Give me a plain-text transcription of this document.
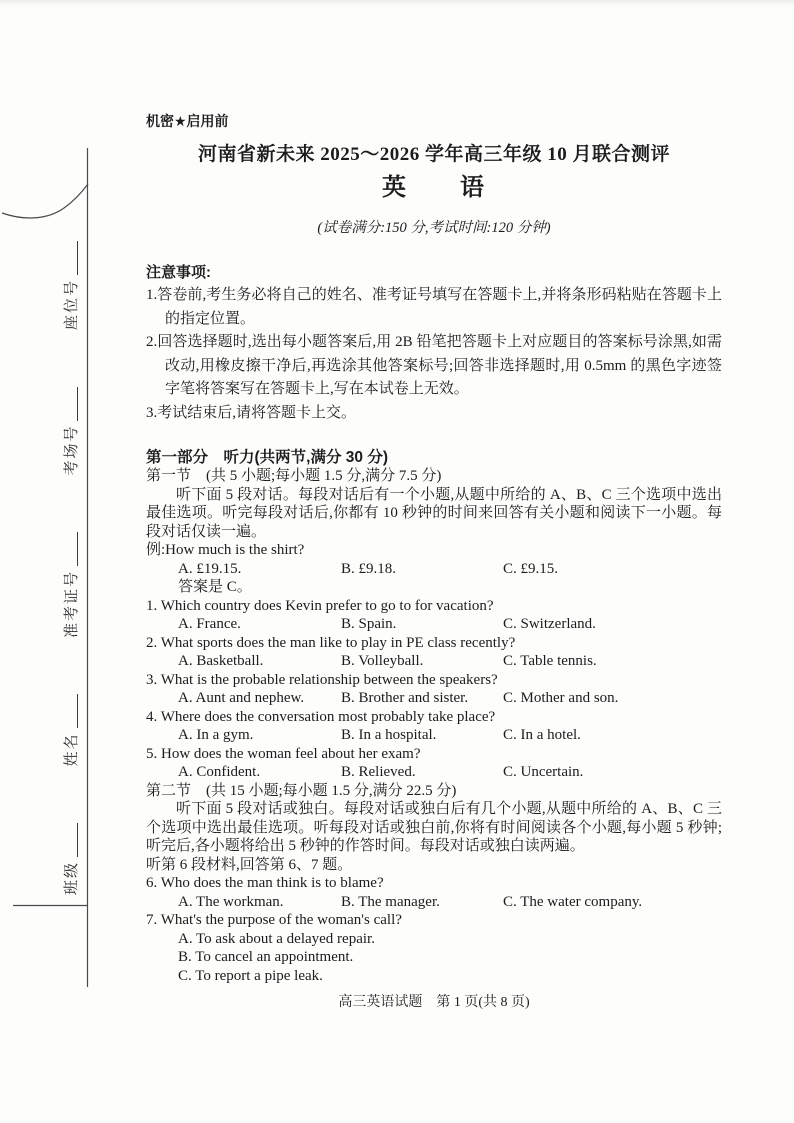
班级
姓名
准考证号
考场号
座位号
机密★启用前
河南省新未来 2025～2026 学年高三年级 10 月联合测评
英　　语
(试卷满分:150 分,考试时间:120 分钟)
注意事项:
1.答卷前,考生务必将自己的姓名、准考证号填写在答题卡上,并将条形码粘贴在答题卡上的指定位置。
2.回答选择题时,选出每小题答案后,用 2B 铅笔把答题卡上对应题目的答案标号涂黑,如需改动,用橡皮擦干净后,再选涂其他答案标号;回答非选择题时,用 0.5mm 的黑色字迹签字笔将答案写在答题卡上,写在本试卷上无效。
3.考试结束后,请将答题卡上交。
第一部分　听力(共两节,满分 30 分)
第一节　(共 5 小题;每小题 1.5 分,满分 7.5 分)
听下面 5 段对话。每段对话后有一个小题,从题中所给的 A、B、C 三个选项中选出最佳选项。听完每段对话后,你都有 10 秒钟的时间来回答有关小题和阅读下一小题。每段对话仅读一遍。
例:How much is the shirt?
A. £19.15.	B. £9.18.	C. £9.15.
答案是 C。
1. Which country does Kevin prefer to go to for vacation?
A. France.	B. Spain.	C. Switzerland.
2. What sports does the man like to play in PE class recently?
A. Basketball.	B. Volleyball.	C. Table tennis.
3. What is the probable relationship between the speakers?
A. Aunt and nephew.	B. Brother and sister.	C. Mother and son.
4. Where does the conversation most probably take place?
A. In a gym.	B. In a hospital.	C. In a hotel.
5. How does the woman feel about her exam?
A. Confident.	B. Relieved.	C. Uncertain.
第二节　(共 15 小题;每小题 1.5 分,满分 22.5 分)
听下面 5 段对话或独白。每段对话或独白后有几个小题,从题中所给的 A、B、C 三个选项中选出最佳选项。听每段对话或独白前,你将有时间阅读各个小题,每小题 5 秒钟;听完后,各小题将给出 5 秒钟的作答时间。每段对话或独白读两遍。
听第 6 段材料,回答第 6、7 题。
6. Who does the man think is to blame?
A. The workman.	B. The manager.	C. The water company.
7. What's the purpose of the woman's call?
A. To ask about a delayed repair.
B. To cancel an appointment.
C. To report a pipe leak.
高三英语试题　第 1 页(共 8 页)
